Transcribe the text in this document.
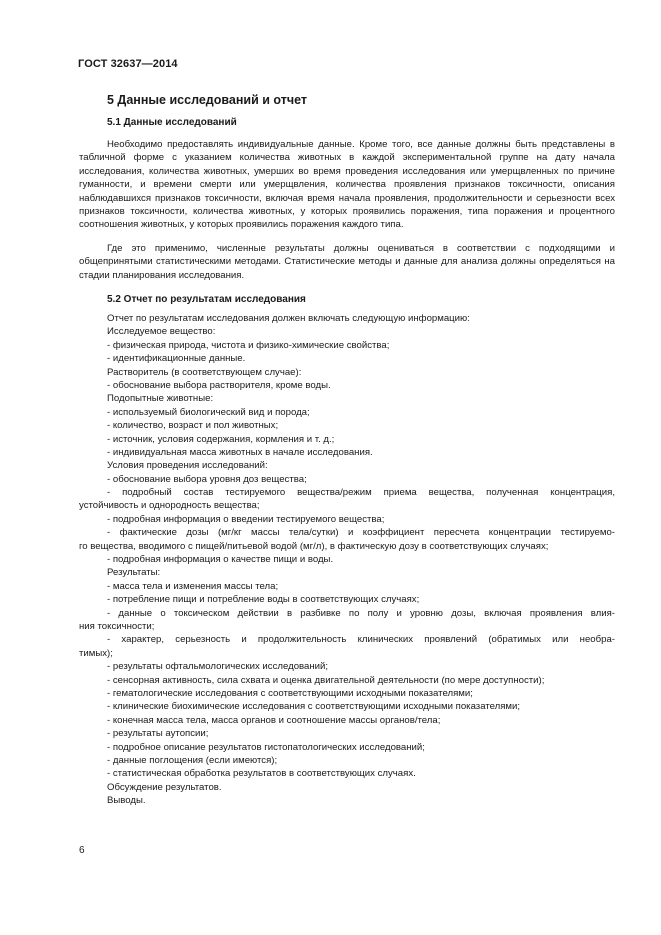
ГОСТ 32637—2014
5 Данные исследований и отчет
5.1 Данные исследований
Необходимо предоставлять индивидуальные данные. Кроме того, все данные должны быть представлены в табличной форме с указанием количества животных в каждой экспериментальной группе на дату начала исследования, количества животных, умерших во время проведения исследования или умерщвленных по причине гуманности, и времени смерти или умерщвления, количества проявления признаков токсичности, описания наблюдавшихся признаков токсичности, включая время начала проявления, продолжительности и серьезности всех признаков токсичности, количества животных, у которых проявились поражения, типа поражения и процентного соотношения животных, у которых проявились поражения каждого типа.
Где это применимо, численные результаты должны оцениваться в соответствии с подходящими и общепринятыми статистическими методами. Статистические методы и данные для анализа должны определяться на стадии планирования исследования.
5.2 Отчет по результатам исследования
Отчет по результатам исследования должен включать следующую информацию:
Исследуемое вещество:
- физическая природа, чистота и физико-химические свойства;
- идентификационные данные.
Растворитель (в соответствующем случае):
- обоснование выбора растворителя, кроме воды.
Подопытные животные:
- используемый биологический вид и порода;
- количество, возраст и пол животных;
- источник, условия содержания, кормления и т. д.;
- индивидуальная масса животных в начале исследования.
Условия проведения исследований:
- обоснование выбора уровня доз вещества;
- подробный состав тестируемого вещества/режим приема вещества, полученная концентрация,
устойчивость и однородность вещества;
- подробная информация о введении тестируемого вещества;
- фактические дозы (мг/кг массы тела/сутки) и коэффициент пересчета концентрации тестируемо-
го вещества, вводимого с пищей/питьевой водой (мг/л), в фактическую дозу в соответствующих случаях;
- подробная информация о качестве пищи и воды.
Результаты:
- масса тела и изменения массы тела;
- потребление пищи и потребление воды в соответствующих случаях;
- данные о токсическом действии в разбивке по полу и уровню дозы, включая проявления влия-
ния токсичности;
- характер, серьезность и продолжительность клинических проявлений (обратимых или необра-
тимых);
- результаты офтальмологических исследований;
- сенсорная активность, сила схвата и оценка двигательной деятельности (по мере доступности);
- гематологические исследования с соответствующими исходными показателями;
- клинические биохимические исследования с соответствующими исходными показателями;
- конечная масса тела, масса органов и соотношение массы органов/тела;
- результаты аутопсии;
- подробное описание результатов гистопатологических исследований;
- данные поглощения (если имеются);
- статистическая обработка результатов в соответствующих случаях.
Обсуждение результатов.
Выводы.
6
